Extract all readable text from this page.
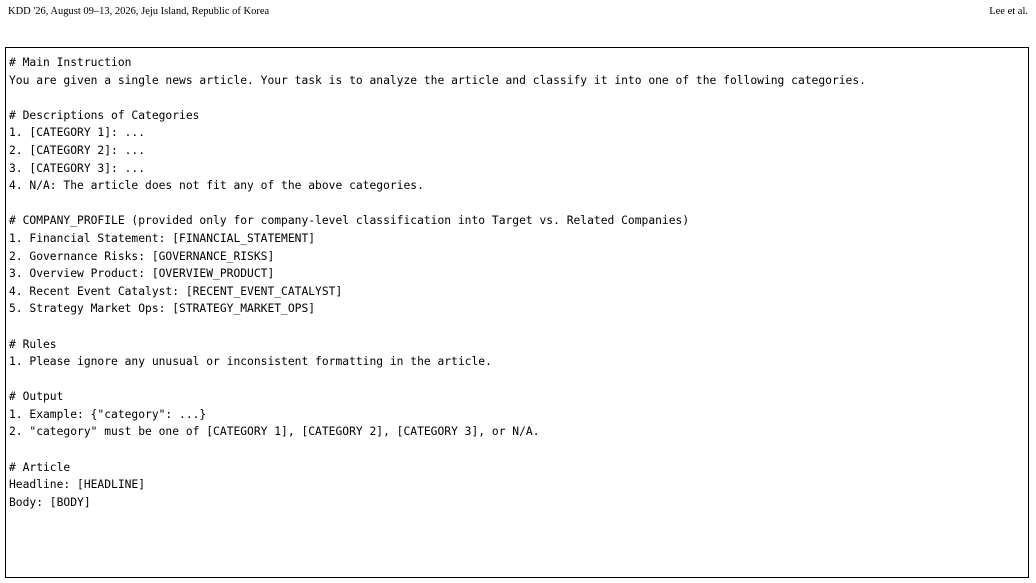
KDD '26, August 09–13, 2026, Jeju Island, Republic of Korea	Lee et al.
# Main Instruction
You are given a single news article. Your task is to analyze the article and classify it into one of the following categories.
# Descriptions of Categories
1. [CATEGORY 1]: ...
2. [CATEGORY 2]: ...
3. [CATEGORY 3]: ...
4. N/A: The article does not fit any of the above categories.
# COMPANY_PROFILE (provided only for company-level classification into Target vs. Related Companies)
1. Financial Statement: [FINANCIAL_STATEMENT]
2. Governance Risks: [GOVERNANCE_RISKS]
3. Overview Product: [OVERVIEW_PRODUCT]
4. Recent Event Catalyst: [RECENT_EVENT_CATALYST]
5. Strategy Market Ops: [STRATEGY_MARKET_OPS]
# Rules
1. Please ignore any unusual or inconsistent formatting in the article.
# Output
1. Example: {"category": ...}
2. "category" must be one of [CATEGORY 1], [CATEGORY 2], [CATEGORY 3], or N/A.
# Article
Headline: [HEADLINE]
Body: [BODY]
